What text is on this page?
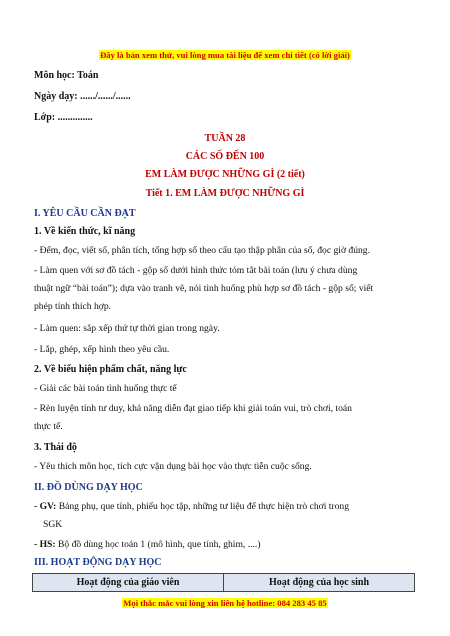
Đây là bản xem thử, vui lòng mua tài liệu để xem chi tiết (có lời giải)
Môn học: Toán
Ngày dạy: ....../....../......
Lớp: ..............
TUẦN 28
CÁC SỐ ĐẾN 100
EM LÀM ĐƯỢC NHỮNG GÌ (2 tiết)
Tiết 1. EM LÀM ĐƯỢC NHỮNG GÌ
I. YÊU CẦU CẦN ĐẠT
1. Về kiến thức, kĩ năng
- Đếm, đọc, viết số, phân tích, tổng hợp số theo cấu tạo thập phân của số, đọc giờ đúng.
- Làm quen với sơ đồ tách - gộp số dưới hình thức tóm tắt bài toán (lưu ý chưa dùng
thuật ngữ “bài toán”); dựa vào tranh vẽ, nói tình huống phù hợp sơ đồ tách - gộp số; viết
phép tính thích hợp.
- Làm quen: sắp xếp thứ tự thời gian trong ngày.
- Lắp, ghép, xếp hình theo yêu cầu.
2. Về biểu hiện phẩm chất, năng lực
- Giải các bài toán tình huống thực tế
- Rèn luyện tính tư duy, khả năng diễn đạt giao tiếp khi giải toán vui, trò chơi, toán
thực tế.
3. Thái độ
- Yêu thích môn học, tích cực vận dụng bài học vào thực tiễn cuộc sống.
II. ĐỒ DÙNG DẠY HỌC
- GV: Bảng phụ, que tính, phiếu học tập, những tư liệu để thực hiện trò chơi trong
SGK
- HS: Bộ đồ dùng học toán 1 (mô hình, que tính, ghim, ....)
III. HOẠT ĐỘNG DẠY HỌC
Hoạt động của giáo viên	Hoạt động của học sinh
Mọi thắc mắc vui lòng xin liên hệ hotline: 084 283 45 85
